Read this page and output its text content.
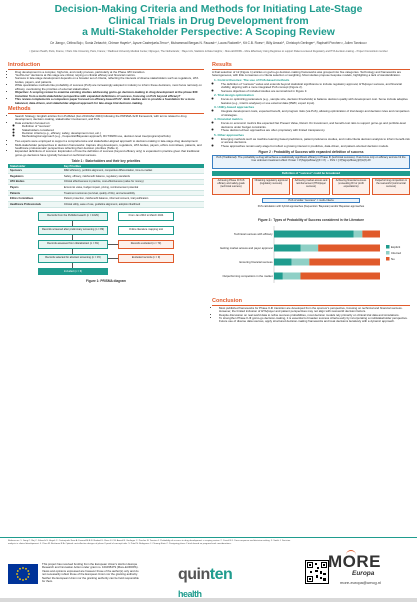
Decision-Making Criteria and Methods for Initiating Late-Stage
Clinical Trials in Drug Development from
a Multi-Stakeholder Perspective: A Scoping Review
Ce Jiang¹², Célina Boj¹², Sonia Zebachi³, Chinwe Hayek³⁴, Ayoze Castrejuela-Teno³⁴, Muhammad Bergas N. Fauzad³⁴, Laura Rodwell³⁴, Kit C.B. Roes³⁴, Billy Amzal²⁵, Christoph Gerlinger⁶, Raphaël Porcher¹², Julien Tanniou¹²
¹ Quinten Health, Paris, France; ² Paris Cité University, Paris, France; ³ Radboud University Medical Center, Nijmegen, The Netherlands; ⁴ Bayer AG, Statistics & Data Insights; ⁵ More-EUROPA – More Effectively Using Registries to support Patient-centered Regulatory and HTA decision-making – Project Consortium member
Introduction
• Drug development is a complex, high-risk, and costly process, particularly at the Phase II/III transition.
• "Go/No-Go" decisions at this stage are critical, relying on clinical efficacy and financial metrics.
• Success in late-stage development depends on a broader set of criteria, reflecting the interests of diverse stakeholders such as regulators, HTA bodies, payers, and patients.
• While quantitative methods like probability of success (PoS) are increasingly adopted in industry to inform these decisions, most focus narrowly on efficacy, overlooking the priorities of external stakeholders.
• Objective: A scoping review to examine existing studies addressing go/no-go decision-making in drug development at the phase II/III transition from a multi-stakeholder perspective with expanded definitions of success, focusing on PoS beyond efficacy?
• This review complements a companion paper focused on efficacy-based PoS¹. Both studies aim to provide a foundation for a more balanced, data-driven, and stakeholder-aligned approach for late-stage trial decision-making.
Methods
• Search Strategy: English articles from PubMed (Jan 2010-Mar 2024) following the PRISMA-ScR framework, with terms related to drug development, decision-making, stakeholder involvement, and PoS.
• Data extraction focused on:
◦ Definition of "success"
◦ Stakeholders considered
◦ Decision criteria (e.g., efficacy, safety, development cost, etc.)
◦ Methodological approach (e.g., frequentist/Bayesian approach, RCT/RWD use, decision level tree/program/portfolio)
• Two experts were employed to support a comprehensive and stakeholder-aligned approach to decision-making in late-stage drug development:
• Multi-stakeholder perspectives in decision frameworks: Capture drug developers, regulators, HTA bodies, payers, ethics committees, patients, and healthcare professionals' perspectives reflecting their decision priorities (Table 1).
• Expanded definitions of success: Exploration of how the definition of success (beyond efficacy only) is expanded in practice given that traditional go/no-go decisions have typically focused on technical success.
Table 1 : Stakeholders and their key priorities
Stakeholder	Key Priorities
Sponsors	R&D efficiency, portfolio alignment, competitive differentiation, time-to-market
Regulators	Safety, efficacy, risk/benefit balance, regulatory standards
HTA Bodies	Clinical effectiveness in practice, cost-effectiveness (value for money)
Payers	Economic value, budget impact, pricing, reimbursement potential
Patients	Treatment outcomes (survival, quality of life), and accessibility
Ethics Committees	Patient protection, risk/benefit balance, informed consent, trial justification
Healthcare Professionals	Clinical utility, ease of use, guideline alignment, adoption likelihood
Records from the PubMed search (n = 1029)	From Jan 2010 to March 2024
Records screened after preliminary screening (n = 89)	Online literature mapping tool
Records assessed from title/abstract (n = 81)	Records excluded (n = 73)
Records selected for abstract screening (n = 15)	Excluded records (n = 9)
Included (n = 6)
Figure 1: PRISMA diagram
Results
A final selection of 12 (Figure 1) articles on go/no-go decision-making frameworks was grouped into five categories. Technology and frameworks are heterogeneous, with little consensus on criteria selection or weighting. Most studies propose bespoke models, highlighting a lack of standardization.
1. Control theories: The use of PoS-based methods
◦ The definition of "success" varies and extends beyond statistical significance to include regulatory approval, HTA/payer success, and financial viability, aligning with a more integrated PoS concept (Figure 2).
◦ Success objectives of included studies are summarized in Figure 3.
2. Trial design optimization
◦ Focus on optimizing parameters (e.g., sample size, decision thresholds) to balance decision quality with development cost. Some include adaptive features (e.g., interim analyses) or use external data (RWD, expert input).
3. Utility-based approaches
◦ Integrate development costs, expected benefit, and program risks (via PoS), allowing optimization of trial design and decision rules and comparison of strategies.
4. Financial metrics
◦ Focus on economic metrics like expected Net Present Value, Return On Investment, and benefit-cost ratio to support go/no-go and portfolio-level decisions under budget constraints.
◦ These decision-driven approaches are often proprietary with limited transparency.
5. Other approaches
◦ Emerging methods such as machine learning based predictions, patient preference studies, and multi-criteria decision analysis to inform benefit-risk or access decisions.
◦ These approaches remain early-stage but reflect a growing interest in predictive, data-driven, and patient-oriented decision models.
Figure 2 : Probability of Success with expanded definition of success
PoS (Traditional): The probability a drug will achieve a statistically significant efficacy in Phase III (technical success). If we focus only on efficacy and we hit the true unknown treatment effect: Power = P(Sign(efficacy)|θ = θ) → PoS = ∫ P(Sign(efficacy)|θ)π(θ) dθ
Definition of "success" could be broadened
Achieving Phase III PoS efficacy and safety goals (technical success)
Obtaining regulatory approval (regulatory success)
Achieving market access and reimbursement (HTA/payer success)
Achieving financial success (exceeding R/I or profit expectations)
Outperforming competitors in the real-world (commercial success)
PoS of wider "success" = multi-criteria
PoS calculation with hybrid approaches (frequentist / Bayesian) and/or Bayesian approaches
Figure 3 : Types of Probability of Success considered in the Literature
Technical success with efficacy
Getting market access and payer approval
Ensuring financial success
Outperforming competitors in the market
Explicit
Inferred
No
Conclusion
• Most published frameworks for Phase II-III transition are developed from the sponsor's perspective, focusing on technical and financial success. However, the limited inclusion of HTA/payer and patient perspectives may not align with real-world decision factors.
• Despite discussion on real-world data to refine success probabilities, most decision models rely primarily on clinical trial data and simulations.
• To strengthen Phase II-III go/no-go decision-making, it is essential to broaden success criteria early by incorporating a multistakeholder perspective. Future use of diverse data sources, apply structured decision-making frameworks and treat decisions iteratively with a dynamic approach.
References: 1. Jiang C. Boj C. Zebachi S. Hayek C. Castrejuela-Teno A. Fauzad M.B.N. Rodwell L. Roes K.C.B. Amzal B. Gerlinger C. Porcher R. Tanniou J. Probability of success in drug development: a scoping review. 2. Carroll K.J. Dose-response and decision making. 3. Smith J. Decision analysis in clinical development. 4. Chen M. Beckman R.A. Optimal cost-effective designs of phase II proof of concept trials. 5. Patel N. Bolognese J. Chuang-Stein C. Designing phase 2 trials based on program-level considerations.
This project has received funding from the European Union's Horizon Europe Research and Innovation Action under grant no. 101095479 (More-EUROPA). Views and opinions expressed are however those of the author(s) only and do not necessarily reflect those of the European Union nor the granting authority. Neither the European Union nor the granting authority can be held responsible for them.	quinten
health
MORE
Europa
more-europa@umcg.nl
